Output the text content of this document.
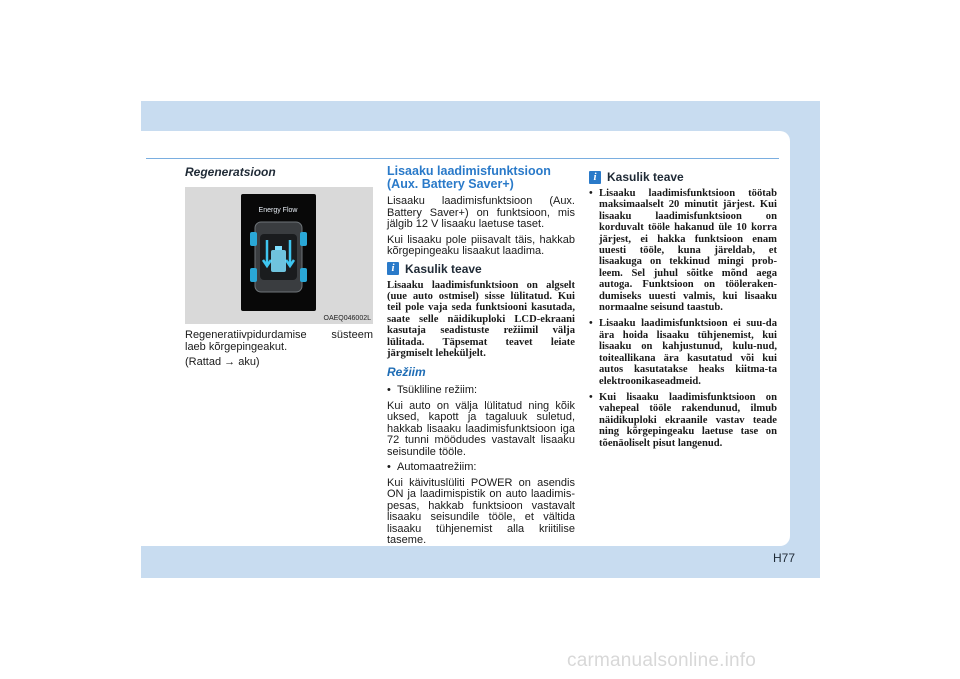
Regeneratsioon
Energy Flow
OAEQ046002L

Regeneratiivpidurdamise süsteem laeb kõrgepingeakut.

(Rattad → aku)

Lisaaku laadimisfunktsioon
(Aux. Battery Saver+)

Lisaaku laadimisfunktsioon (Aux. Battery Saver+) on funktsioon, mis jälgib 12 V lisaaku laetuse taset.

Kui lisaaku pole piisavalt täis, hakkab kõrgepingeaku lisaakut laadima.

i Kasulik teave

Lisaaku laadimisfunktsioon on algselt (uue auto ostmisel) sisse lülitatud. Kui teil pole vaja seda funktsiooni kasutada, saate selle näidikuploki LCD-ekraani kasutaja seadistuste režiimil välja lülitada. Täpsemat teavet leiate järgmiselt leheküljelt.

Režiim
• Tsükliline režiim:

Kui auto on välja lülitatud ning kõik uksed, kapott ja tagaluuk suletud, hakkab lisaaku laadimisfunktsioon iga 72 tunni möödudes vastavalt lisaaku seisundile tööle.

• Automaatrežiim:

Kui käivituslüliti POWER on asendis ON ja laadimispistik on auto laadimis-pesas, hakkab funktsioon vastavalt lisaaku seisundile tööle, et vältida lisaaku tühjenemist alla kriitilise taseme.

i Kasulik teave
• Lisaaku laadimisfunktsioon töötab maksimaalselt 20 minutit järjest. Kui lisaaku laadimisfunktsioon on korduvalt tööle hakanud üle 10 korra järjest, ei hakka funktsioon enam uuesti tööle, kuna järeldab, et lisaakuga on tekkinud mingi prob-leem. Sel juhul sõitke mõnd aega autoga. Funktsioon on tööleraken-dumiseks uuesti valmis, kui lisaaku normaalne seisund taastub.
• Lisaaku laadimisfunktsioon ei suu-da ära hoida lisaaku tühjenemist, kui lisaaku on kahjustunud, kulu-nud, toiteallikana ära kasutatud või kui autos kasutatakse heaks kiitma-ta elektroonikaseadmeid.
• Kui lisaaku laadimisfunktsioon on vahepeal tööle rakendunud, ilmub näidikuploki ekraanile vastav teade ning kõrgepingeaku laetuse tase on tõenäoliselt pisut langenud.
H77
carmanualsonline.info
